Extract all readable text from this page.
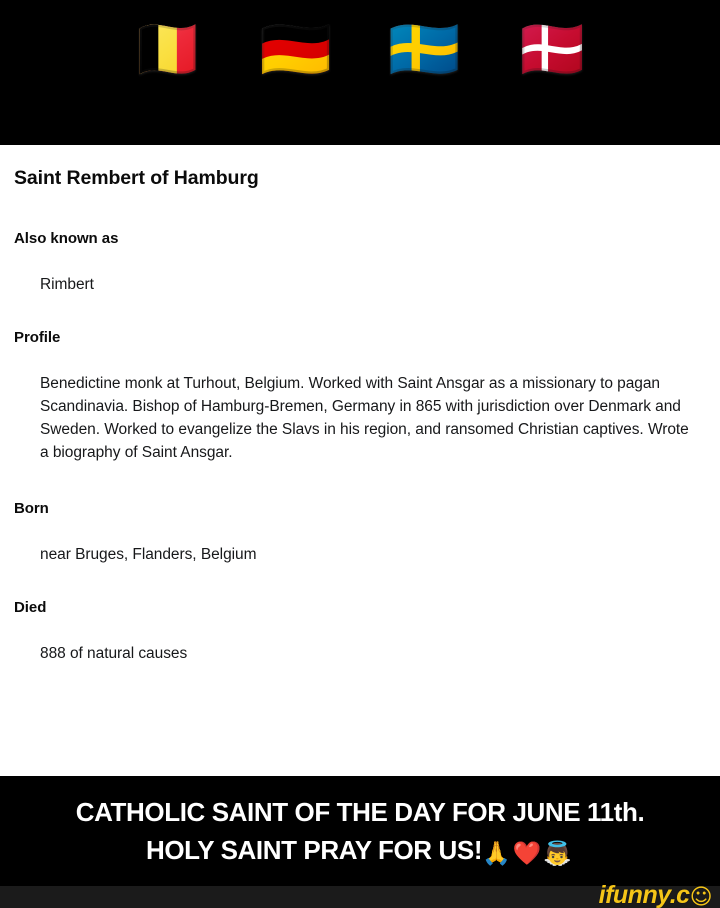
🇧🇪 🇩🇪 🇸🇪 🇩🇰
Saint Rembert of Hamburg
Also known as
Rimbert
Profile
Benedictine monk at Turhout, Belgium. Worked with Saint Ansgar as a missionary to pagan Scandinavia. Bishop of Hamburg-Bremen, Germany in 865 with jurisdiction over Denmark and Sweden. Worked to evangelize the Slavs in his region, and ransomed Christian captives. Wrote a biography of Saint Ansgar.
Born
near Bruges, Flanders, Belgium
Died
888 of natural causes
CATHOLIC SAINT OF THE DAY FOR JUNE 11th.
HOLY SAINT PRAY FOR US!🙏❤️👼
ifunny.c☺
